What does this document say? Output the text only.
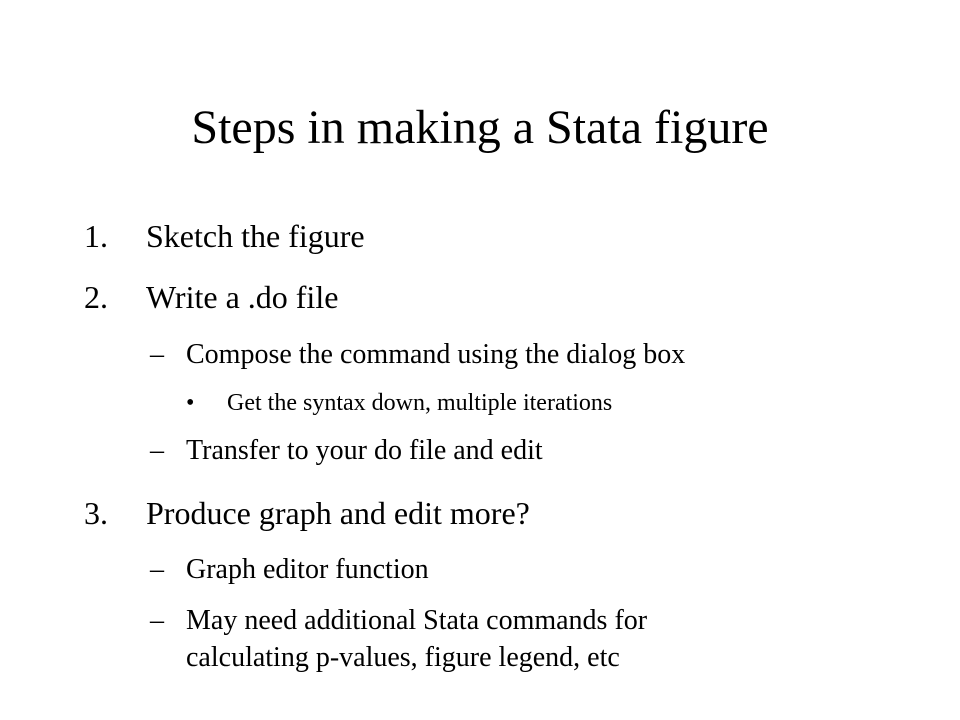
Steps in making a Stata figure
1. Sketch the figure
2. Write a .do file
– Compose the command using the dialog box
• Get the syntax down, multiple iterations
– Transfer to your do file and edit
3. Produce graph and edit more?
– Graph editor function
– May need additional Stata commands for
calculating p-values, figure legend, etc
